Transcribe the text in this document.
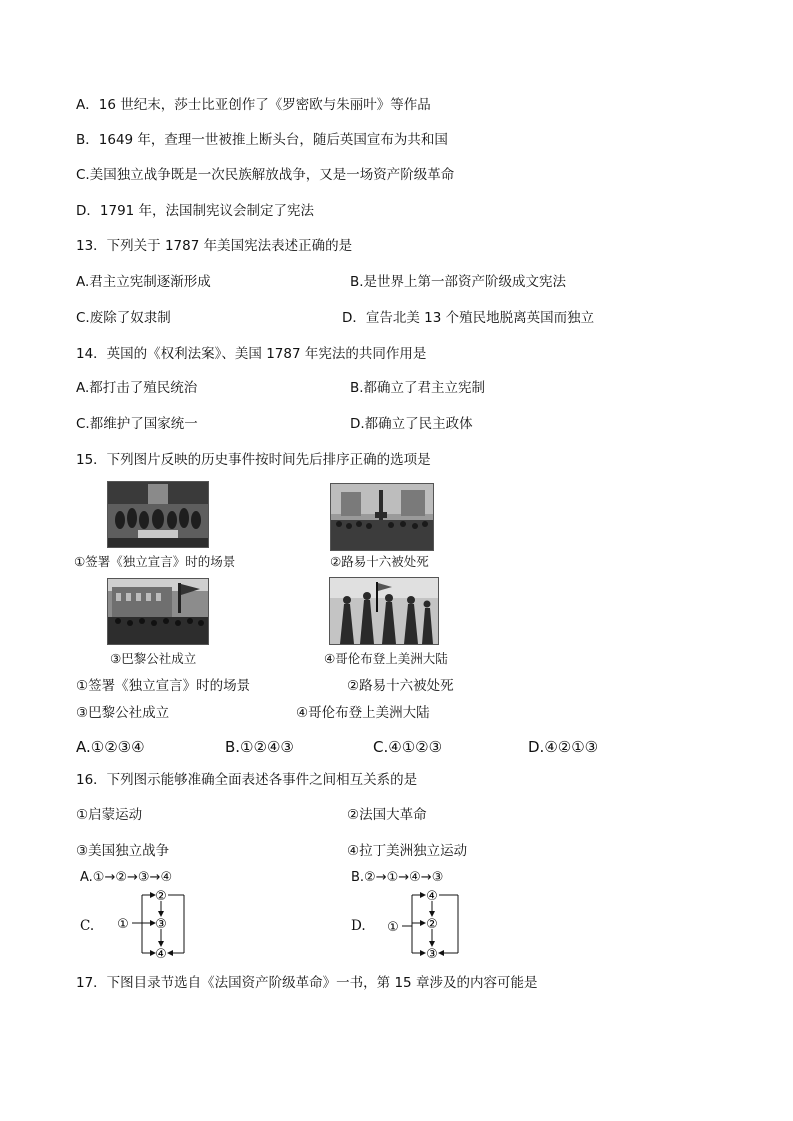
A．16 世纪末，莎士比亚创作了《罗密欧与朱丽叶》等作品
B．1649 年，查理一世被推上断头台，随后英国宣布为共和国
C.美国独立战争既是一次民族解放战争，又是一场资产阶级革命
D．1791 年，法国制宪议会制定了宪法
13．下列关于 1787 年美国宪法表述正确的是
A.君主立宪制逐渐形成	B.是世界上第一部资产阶级成文宪法
C.废除了奴隶制	D．宣告北美 13 个殖民地脱离英国而独立
14．英国的《权利法案》、美国 1787 年宪法的共同作用是
A.都打击了殖民统治	B.都确立了君主立宪制
C.都维护了国家统一	D.都确立了民主政体
15．下列图片反映的历史事件按时间先后排序正确的选项是
①签署《独立宣言》时的场景	②路易十六被处死
③巴黎公社成立	④哥伦布登上美洲大陆
①签署《独立宣言》时的场景	②路易十六被处死
③巴黎公社成立	④哥伦布登上美洲大陆
A.①②③④	B.①②④③	C.④①②③	D.④②①③
16．下列图示能够准确全面表述各事件之间相互关系的是
①启蒙运动	②法国大革命
③美国独立战争	④拉丁美洲独立运动
A.①→②→③→④	B.②→①→④→③
C. ①
②
③
④
D. ①
④
②
③
17．下图目录节选自《法国资产阶级革命》一书，第 15 章涉及的内容可能是
